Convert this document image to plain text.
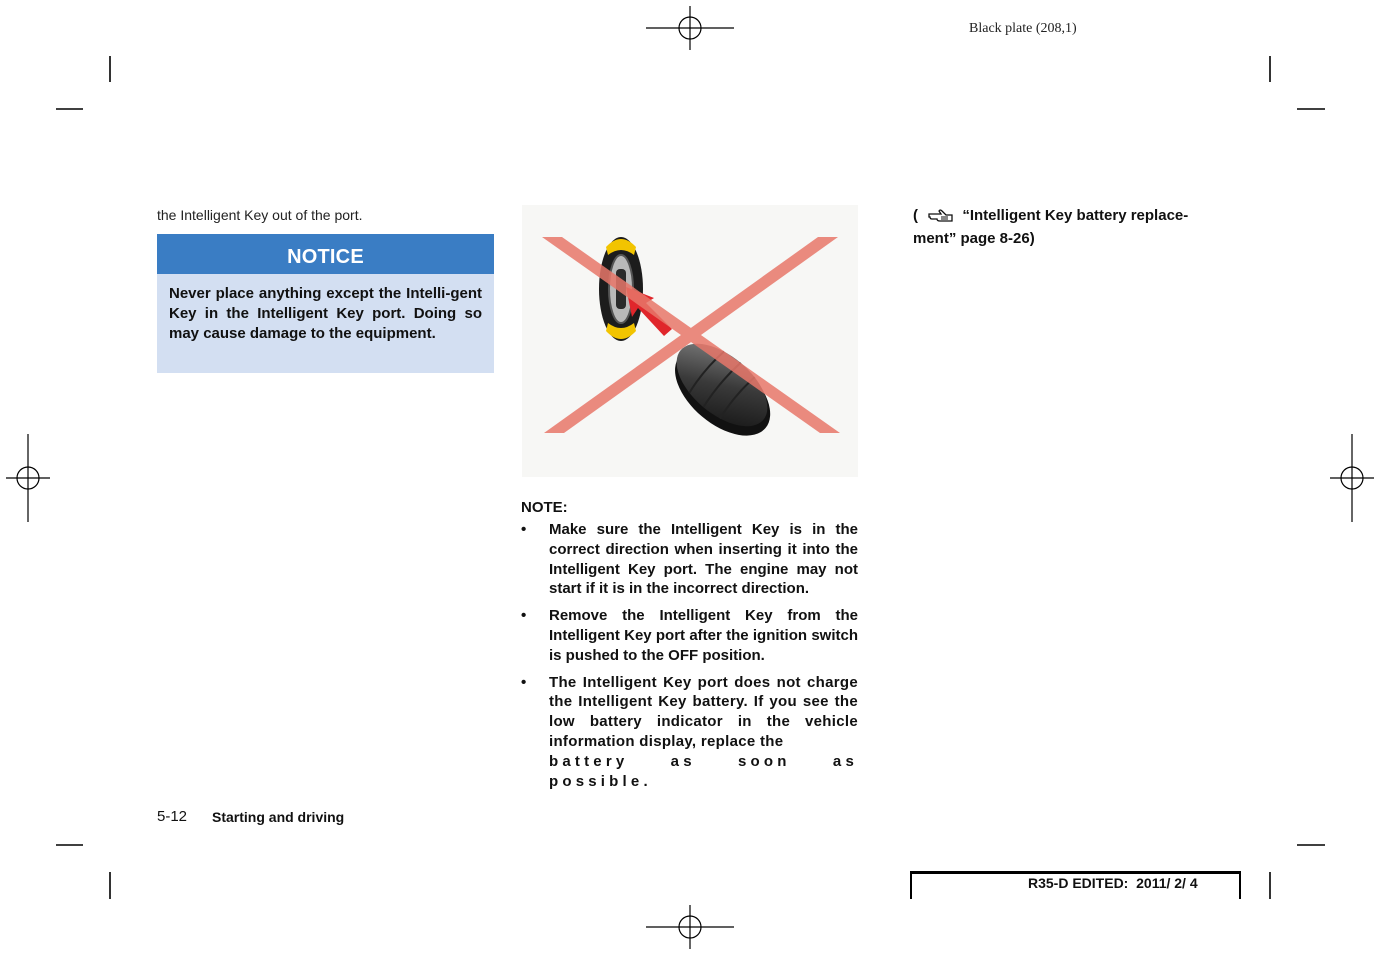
Black plate (208,1)
the Intelligent Key out of the port.
NOTICE
Never place anything except the Intelli-gent Key in the Intelligent Key port. Doing so may cause damage to the equipment.
NOTE:
• Make sure the Intelligent Key is in the correct direction when inserting it into the Intelligent Key port. The engine may not start if it is in the incorrect direction.
• Remove the Intelligent Key from the Intelligent Key port after the ignition switch is pushed to the OFF position.
• The Intelligent Key port does not charge the Intelligent Key battery. If you see the low battery indicator in the vehicle information display, replace the
battery as soon as possible.
(	“Intelligent Key battery replace-ment” page 8-26)
5-12 Starting and driving
R35-D EDITED:  2011/ 2/ 4
